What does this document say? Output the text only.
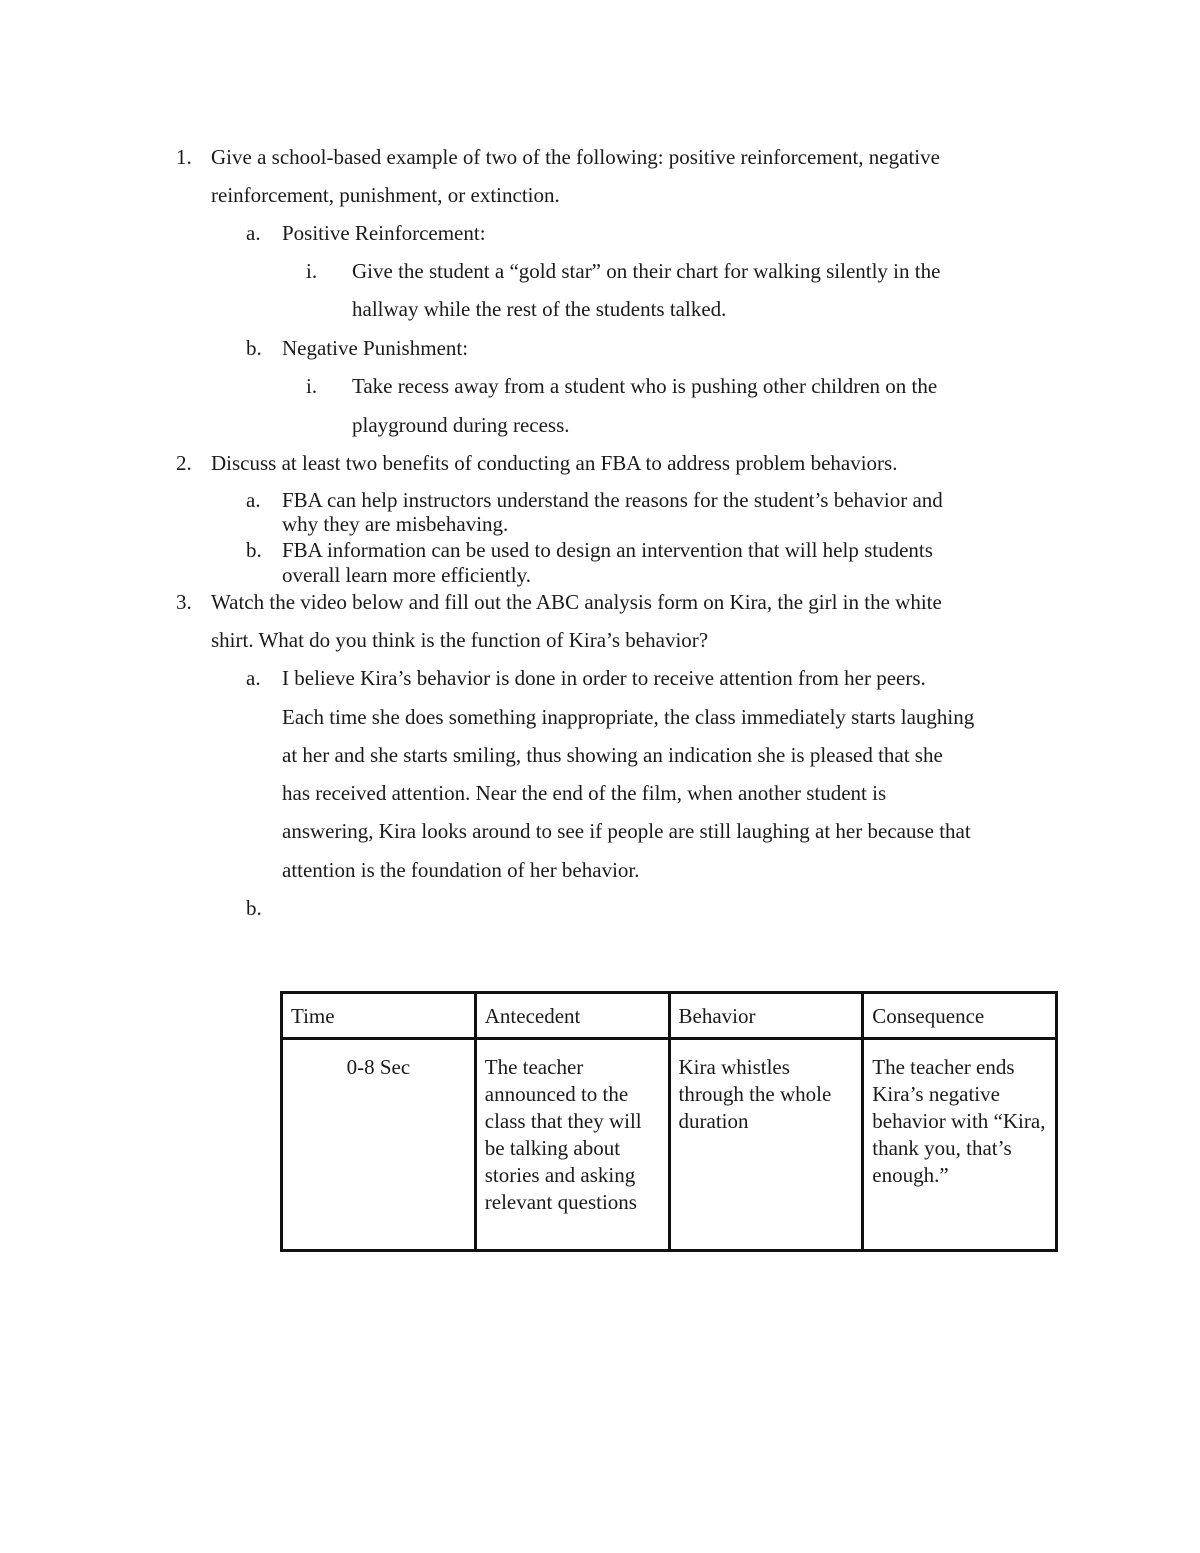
1. Give a school-based example of two of the following: positive reinforcement, negative
reinforcement, punishment, or extinction.
a. Positive Reinforcement:
i. Give the student a “gold star” on their chart for walking silently in the
hallway while the rest of the students talked.
b. Negative Punishment:
i. Take recess away from a student who is pushing other children on the
playground during recess.
2. Discuss at least two benefits of conducting an FBA to address problem behaviors.
a. FBA can help instructors understand the reasons for the student’s behavior and
why they are misbehaving.
b. FBA information can be used to design an intervention that will help students
overall learn more efficiently.
3. Watch the video below and fill out the ABC analysis form on Kira, the girl in the white
shirt. What do you think is the function of Kira’s behavior?
a. I believe Kira’s behavior is done in order to receive attention from her peers.
Each time she does something inappropriate, the class immediately starts laughing
at her and she starts smiling, thus showing an indication she is pleased that she
has received attention. Near the end of the film, when another student is
answering, Kira looks around to see if people are still laughing at her because that
attention is the foundation of her behavior.
b.
Time	Antecedent	Behavior	Consequence
0-8 Sec	The teacher announced to the class that they will be talking about stories and asking relevant questions	Kira whistles through the whole duration	The teacher ends Kira’s negative behavior with “Kira, thank you, that’s enough.”
